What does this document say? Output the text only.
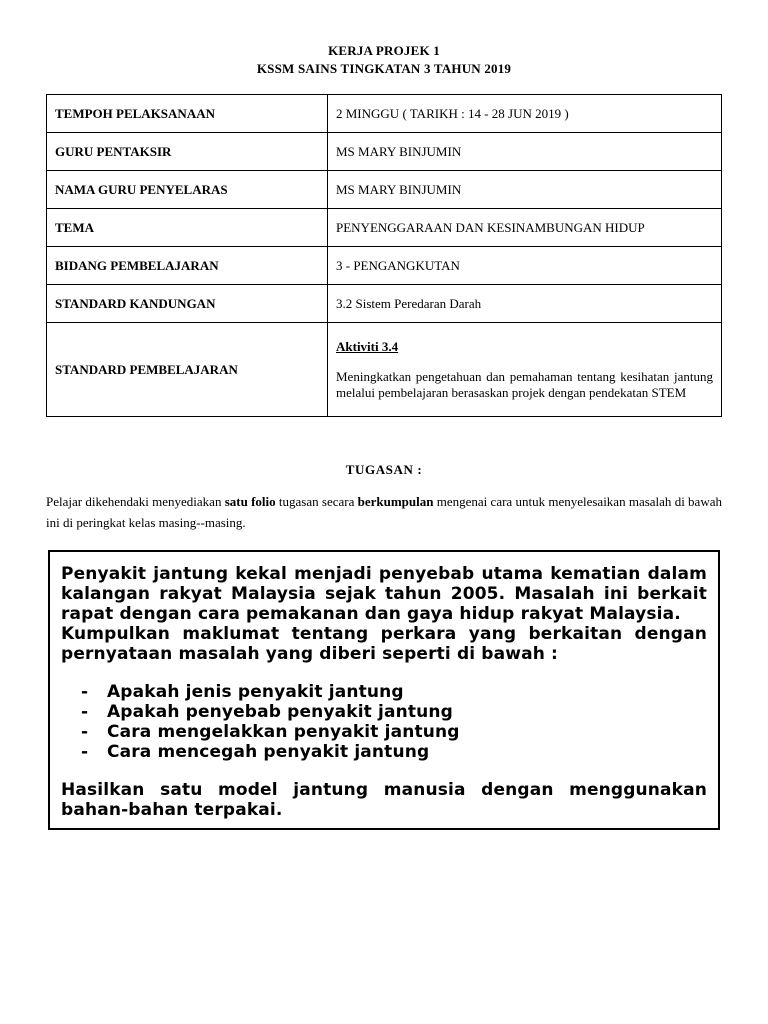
KERJA PROJEK 1
KSSM SAINS TINGKATAN 3 TAHUN 2019
TEMPOH PELAKSANAAN	2 MINGGU ( TARIKH : 14 - 28 JUN 2019 )
GURU PENTAKSIR	MS MARY BINJUMIN
NAMA GURU PENYELARAS	MS MARY BINJUMIN
TEMA	PENYENGGARAAN DAN KESINAMBUNGAN HIDUP
BIDANG PEMBELAJARAN	3 - PENGANGKUTAN
STANDARD KANDUNGAN	3.2 Sistem Peredaran Darah
STANDARD PEMBELAJARAN	Aktiviti 3.4
Meningkatkan pengetahuan dan pemahaman tentang kesihatan jantung melalui pembelajaran berasaskan projek dengan pendekatan STEM
TUGASAN :
Pelajar dikehendaki menyediakan satu folio tugasan secara berkumpulan mengenai cara untuk menyelesaikan masalah di bawah ini di peringkat kelas masing--masing.

Penyakit jantung kekal menjadi penyebab utama kematian dalam kalangan rakyat Malaysia sejak tahun 2005. Masalah ini berkait rapat dengan cara pemakanan dan gaya hidup rakyat Malaysia.

Kumpulkan maklumat tentang perkara yang berkaitan dengan pernyataan masalah yang diberi seperti di bawah :

- Apakah jenis penyakit jantung
- Apakah penyebab penyakit jantung
- Cara mengelakkan penyakit jantung
- Cara mencegah penyakit jantung

Hasilkan satu model jantung manusia dengan menggunakan bahan-bahan terpakai.
